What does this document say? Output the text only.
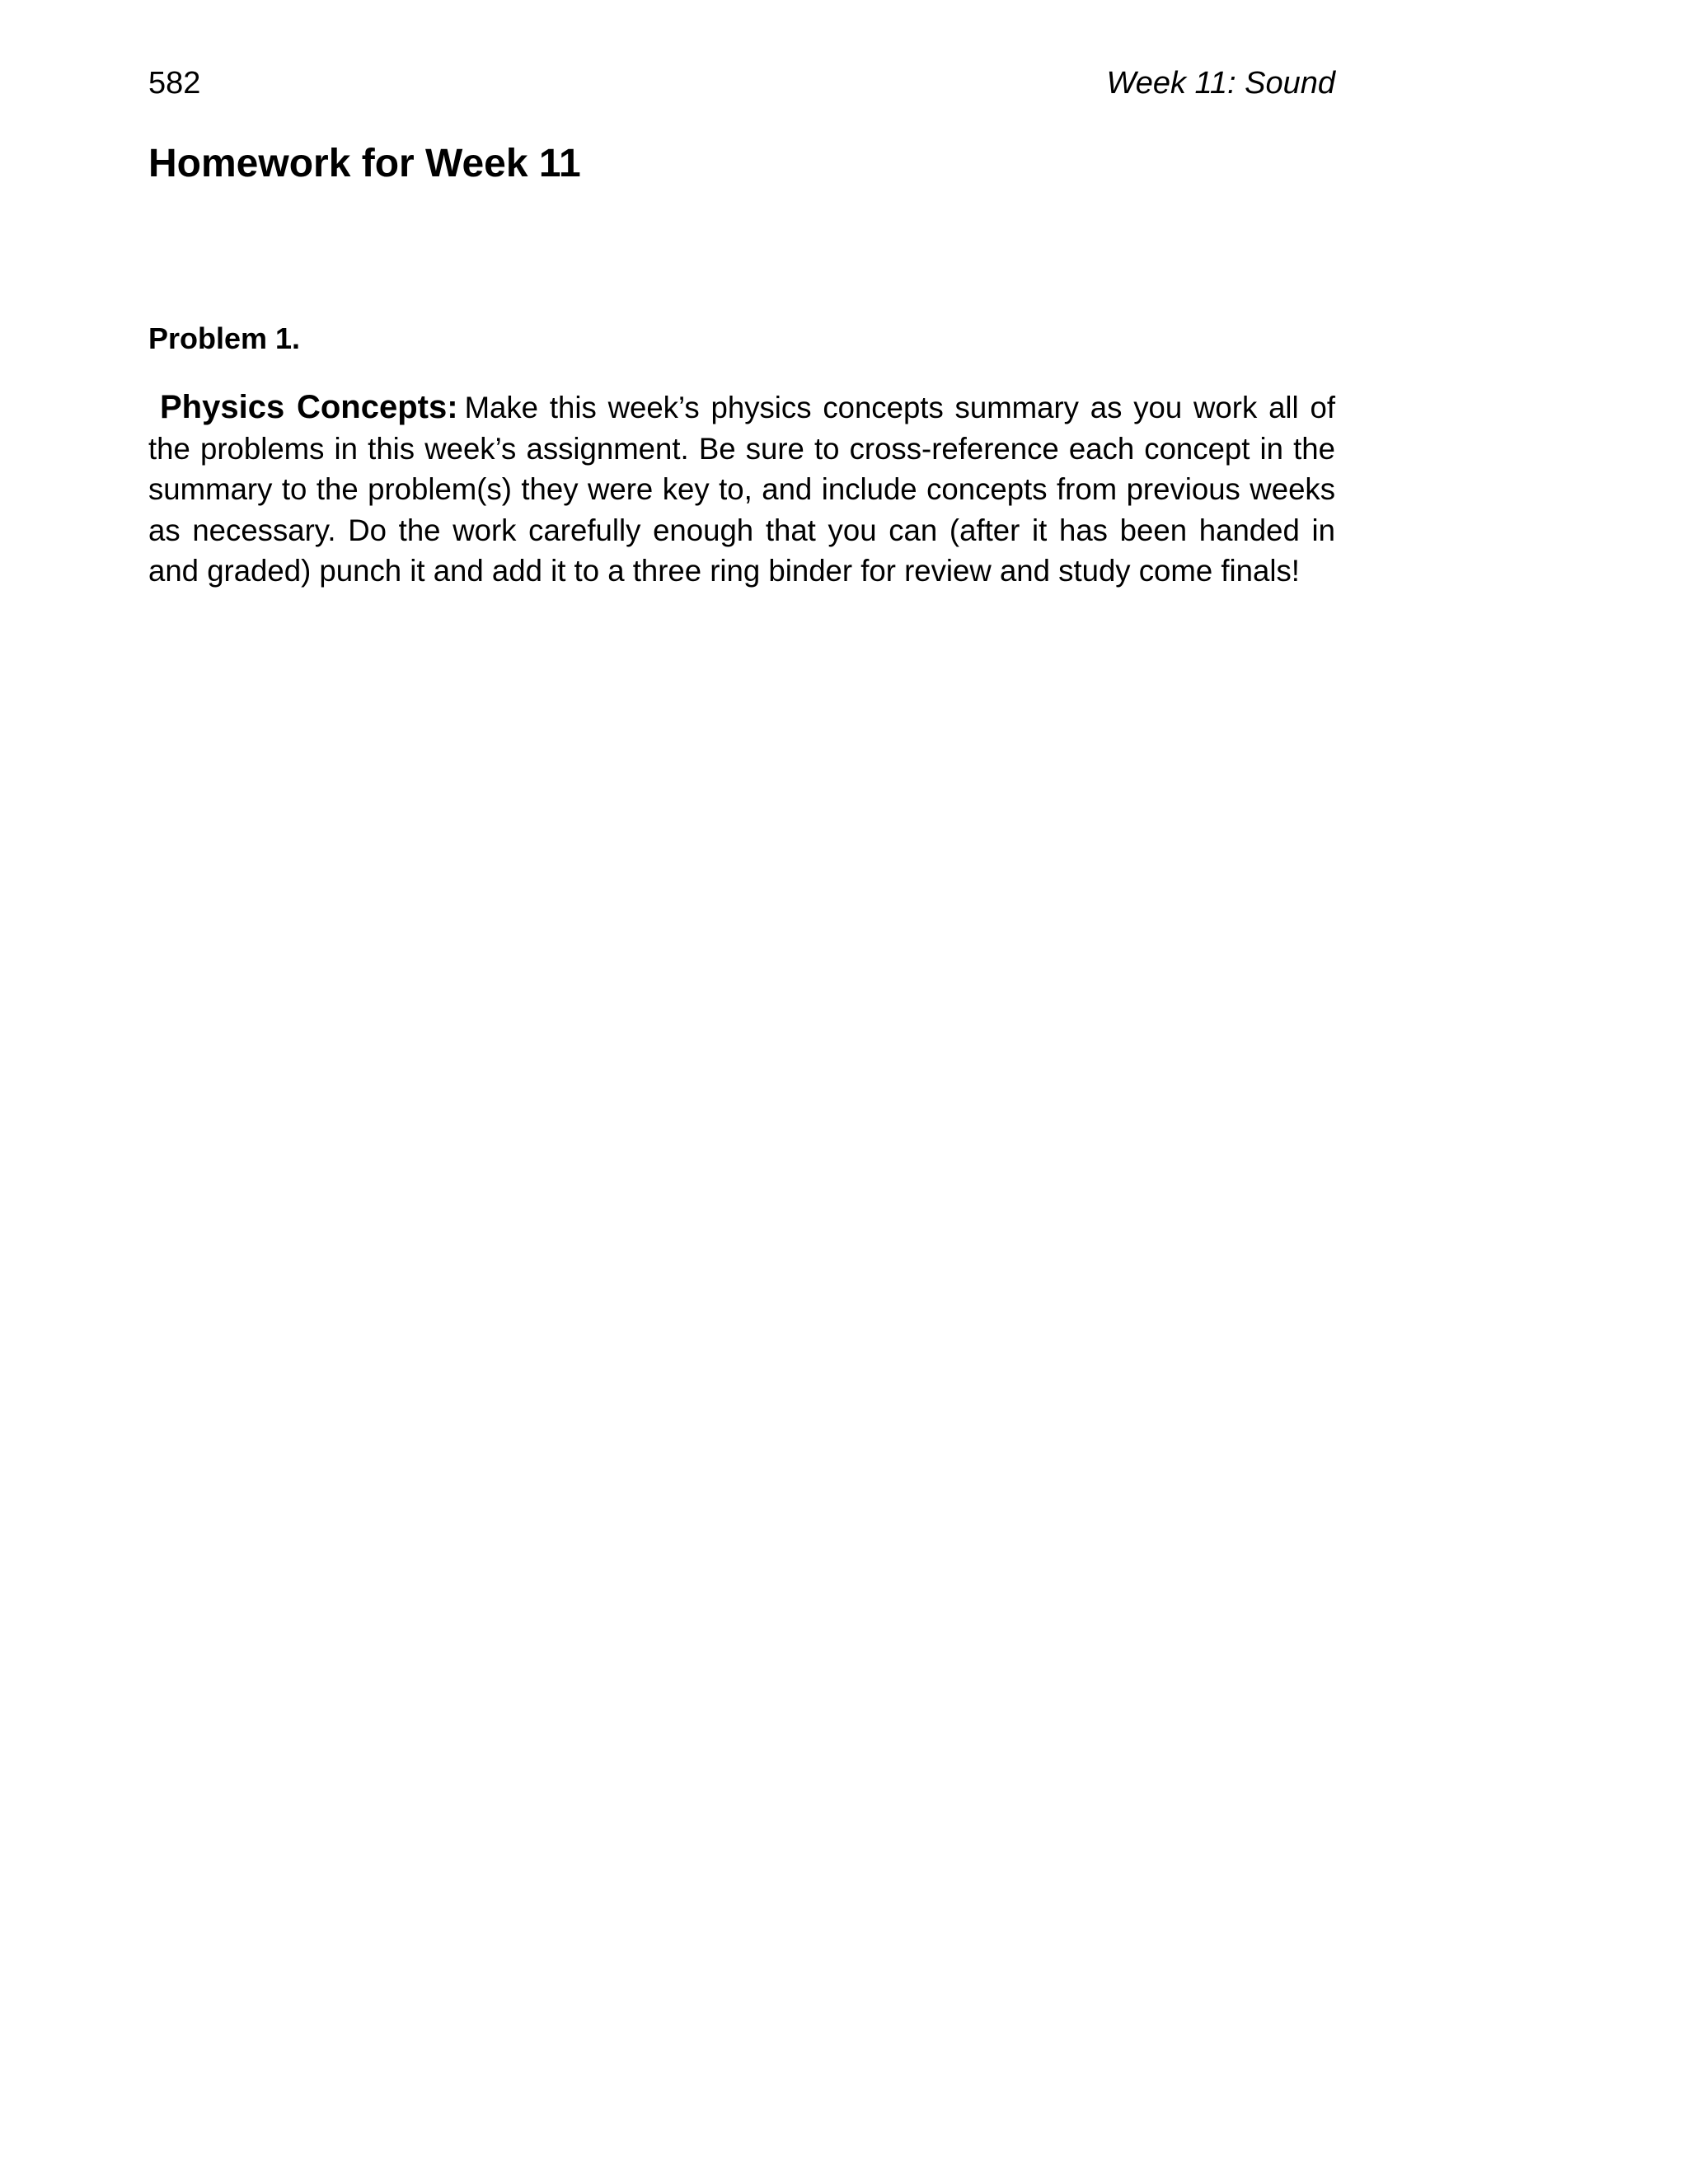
582	Week 11: Sound
Homework for Week 11
Problem 1.

Physics Concepts: Make this week’s physics concepts summary as you work all of the problems in this week’s assignment. Be sure to cross-reference each concept in the summary to the problem(s) they were key to, and include concepts from previous weeks as necessary. Do the work carefully enough that you can (after it has been handed in and graded) punch it and add it to a three ring binder for review and study come finals!
